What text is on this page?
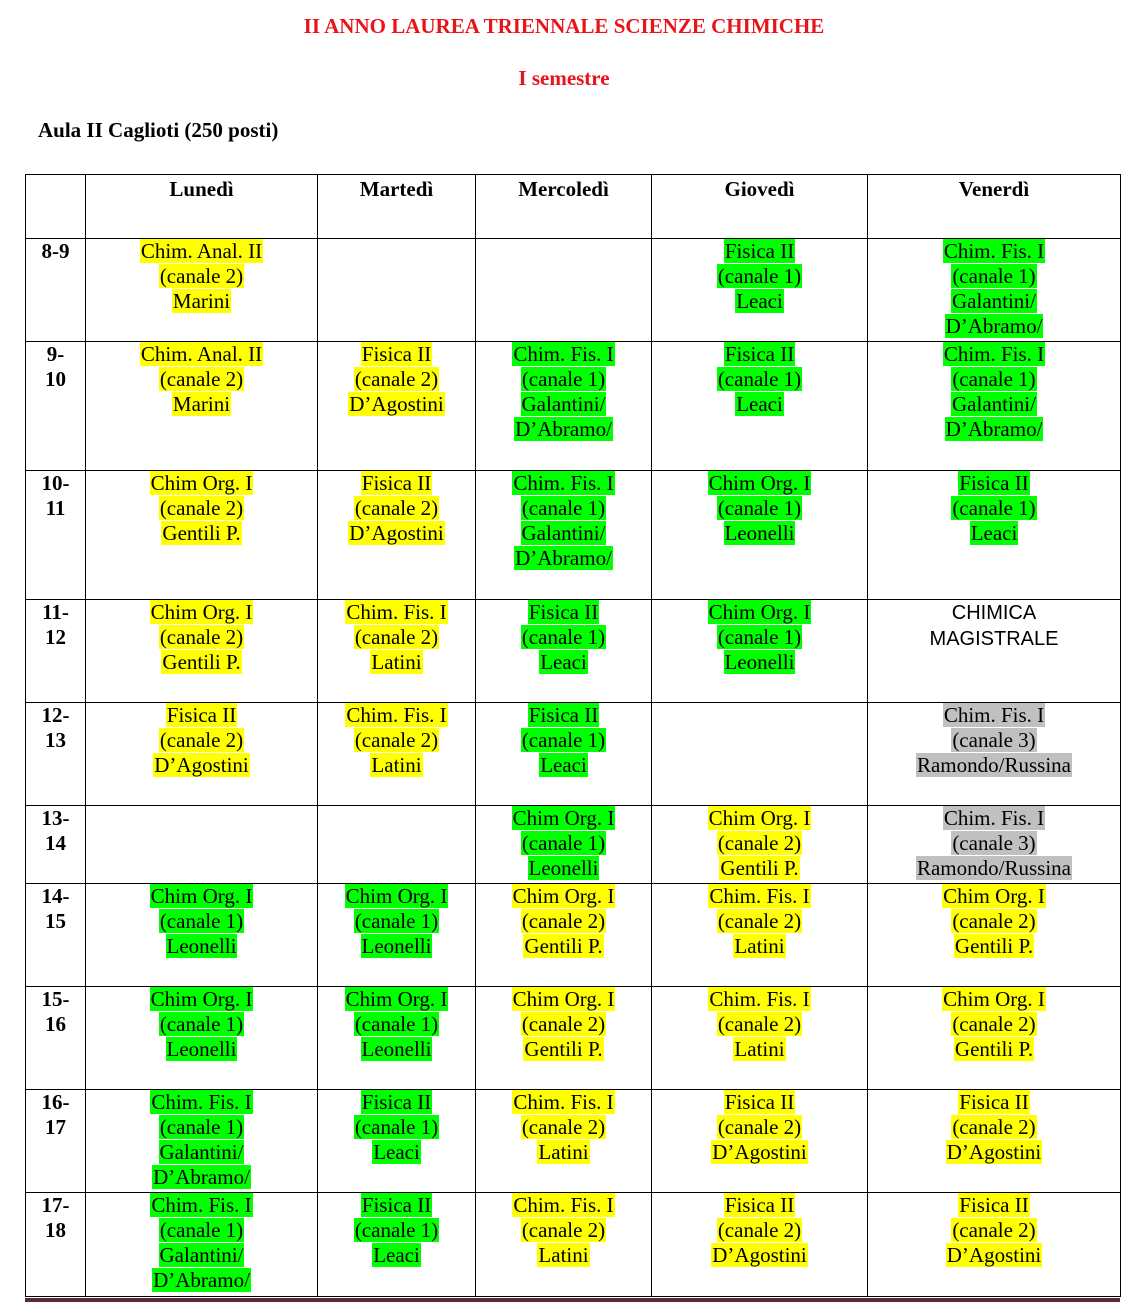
II ANNO LAUREA TRIENNALE SCIENZE CHIMICHE
I semestre
Aula II Caglioti (250 posti)
	Lunedì	Martedì	Mercoledì	Giovedì	Venerdì

8-9	Chim. Anal. II
(canale 2)
Marini			Fisica II
(canale 1)
Leaci	Chim. Fis. I
(canale 1)
Galantini/
D’Abramo/

9-
10	Chim. Anal. II
(canale 2)
Marini	Fisica II
(canale 2)
D’Agostini	Chim. Fis. I
(canale 1)
Galantini/
D’Abramo/	Fisica II
(canale 1)
Leaci	Chim. Fis. I
(canale 1)
Galantini/
D’Abramo/

10-
11	Chim Org. I
(canale 2)
Gentili P.	Fisica II
(canale 2)
D’Agostini	Chim. Fis. I
(canale 1)
Galantini/
D’Abramo/	Chim Org. I
(canale 1)
Leonelli	Fisica II
(canale 1)
Leaci

11-
12	Chim Org. I
(canale 2)
Gentili P.	Chim. Fis. I
(canale 2)
Latini	Fisica II
(canale 1)
Leaci	Chim Org. I
(canale 1)
Leonelli	CHIMICA
MAGISTRALE

12-
13	Fisica II
(canale 2)
D’Agostini	Chim. Fis. I
(canale 2)
Latini	Fisica II
(canale 1)
Leaci		Chim. Fis. I
(canale 3)
Ramondo/Russina

13-
14			Chim Org. I
(canale 1)
Leonelli	Chim Org. I
(canale 2)
Gentili P.	Chim. Fis. I
(canale 3)
Ramondo/Russina

14-
15	Chim Org. I
(canale 1)
Leonelli	Chim Org. I
(canale 1)
Leonelli	Chim Org. I
(canale 2)
Gentili P.	Chim. Fis. I
(canale 2)
Latini	Chim Org. I
(canale 2)
Gentili P.

15-
16	Chim Org. I
(canale 1)
Leonelli	Chim Org. I
(canale 1)
Leonelli	Chim Org. I
(canale 2)
Gentili P.	Chim. Fis. I
(canale 2)
Latini	Chim Org. I
(canale 2)
Gentili P.

16-
17	Chim. Fis. I
(canale 1)
Galantini/
D’Abramo/	Fisica II
(canale 1)
Leaci	Chim. Fis. I
(canale 2)
Latini	Fisica II
(canale 2)
D’Agostini	Fisica II
(canale 2)
D’Agostini

17-
18	Chim. Fis. I
(canale 1)
Galantini/
D’Abramo/	Fisica II
(canale 1)
Leaci	Chim. Fis. I
(canale 2)
Latini	Fisica II
(canale 2)
D’Agostini	Fisica II
(canale 2)
D’Agostini
